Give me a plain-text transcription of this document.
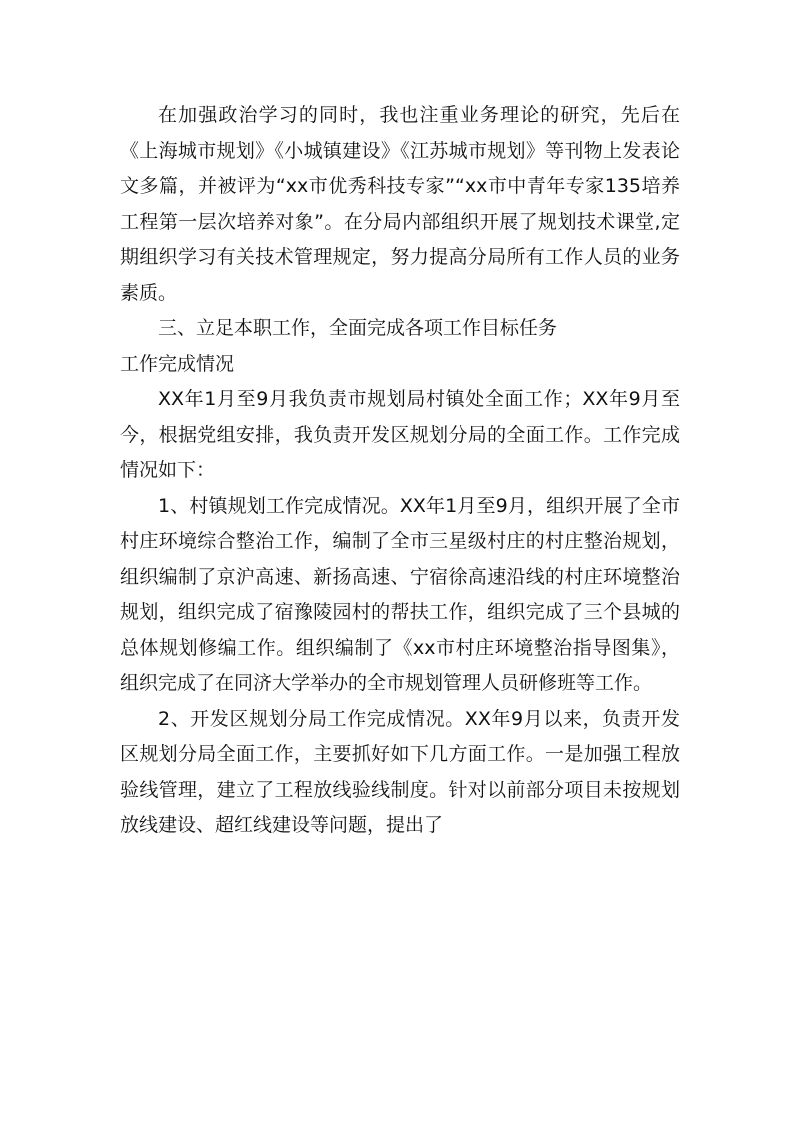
在加强政治学习的同时，我也注重业务理论的研究，先后在《上海城市规划》《小城镇建设》《江苏城市规划》等刊物上发表论文多篇，并被评为“xx市优秀科技专家”“xx市中青年专家135培养工程第一层次培养对象”。在分局内部组织开展了规划技术课堂,定期组织学习有关技术管理规定，努力提高分局所有工作人员的业务素质。

三、立足本职工作，全面完成各项工作目标任务

工作完成情况

XX年1月至9月我负责市规划局村镇处全面工作；XX年9月至今，根据党组安排，我负责开发区规划分局的全面工作。工作完成情况如下：

1、村镇规划工作完成情况。XX年1月至9月，组织开展了全市村庄环境综合整治工作，编制了全市三星级村庄的村庄整治规划，组织编制了京沪高速、新扬高速、宁宿徐高速沿线的村庄环境整治规划，组织完成了宿豫陵园村的帮扶工作，组织完成了三个县城的总体规划修编工作。组织编制了《xx市村庄环境整治指导图集》，组织完成了在同济大学举办的全市规划管理人员研修班等工作。

2、开发区规划分局工作完成情况。XX年9月以来，负责开发区规划分局全面工作，主要抓好如下几方面工作。一是加强工程放验线管理，建立了工程放线验线制度。针对以前部分项目未按规划放线建设、超红线建设等问题，提出了
